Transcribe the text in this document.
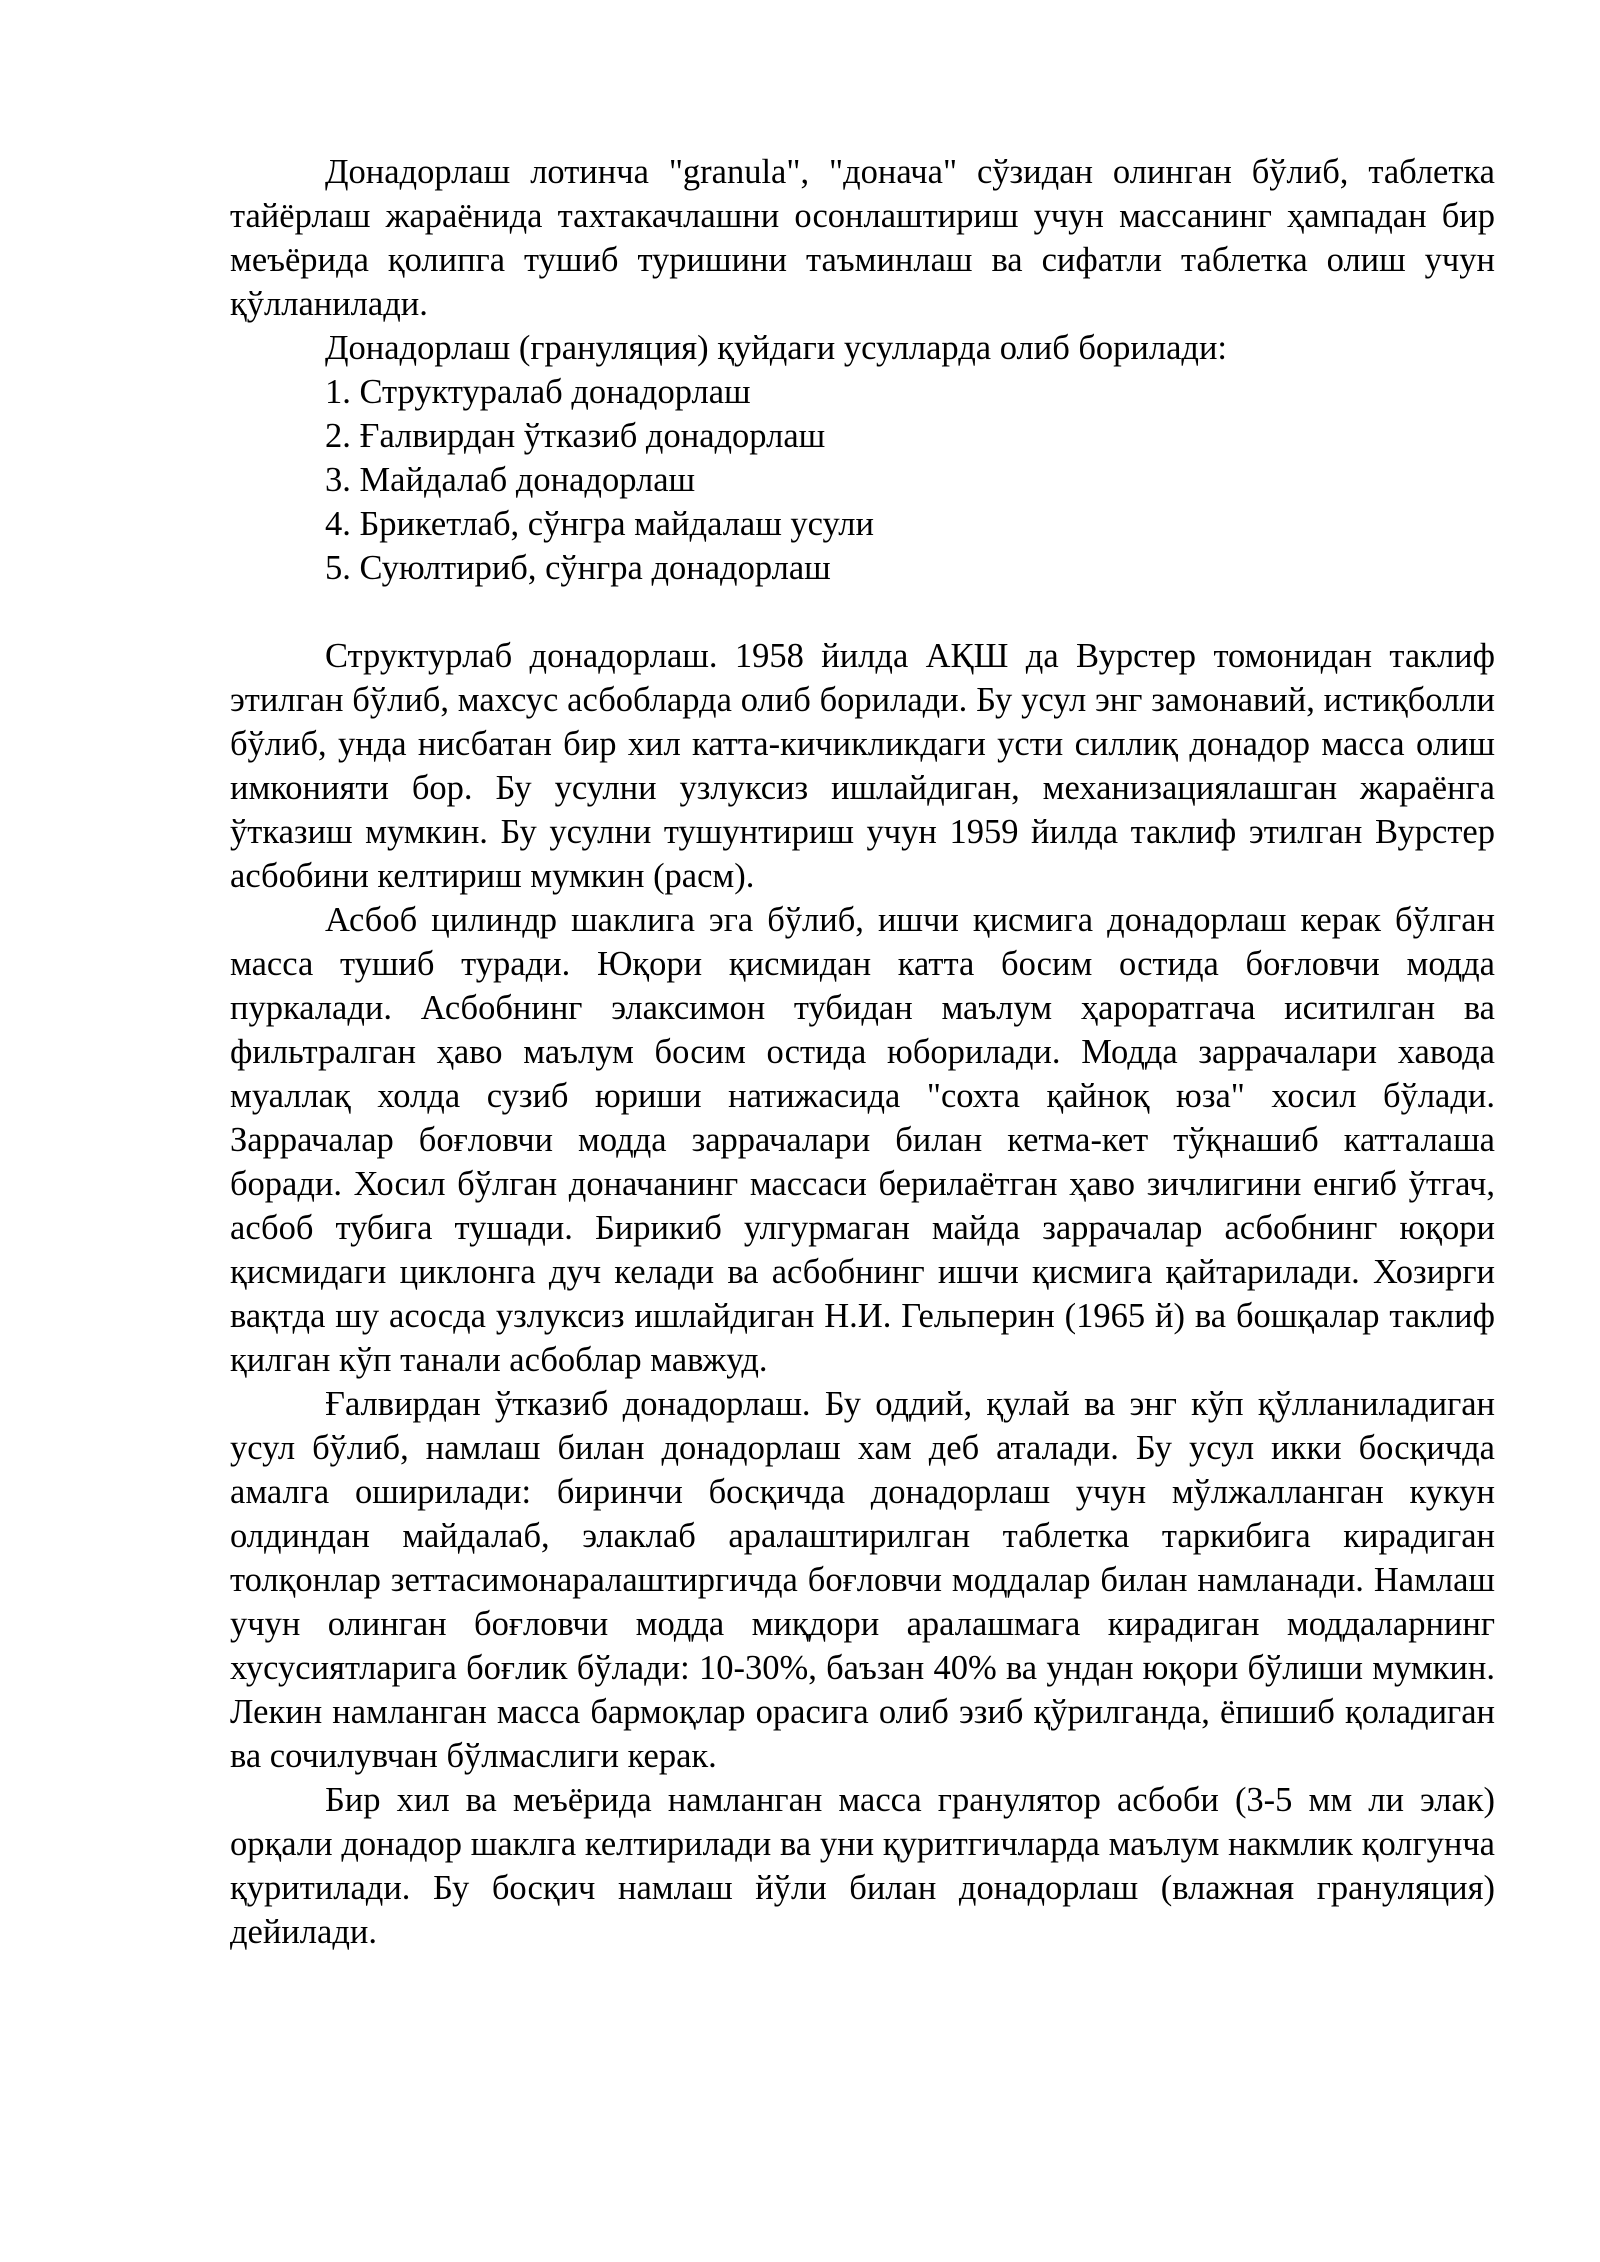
Донадорлаш лотинча "granula", "донача" сўзидан олинган бўлиб, таблетка тайёрлаш жараёнида тахтакачлашни осонлаштириш учун массанинг ҳампадан бир меъёрида қолипга тушиб туришини таъминлаш ва сифатли таблетка олиш учун қўлланилади.

Донадорлаш (грануляция) қуйдаги усулларда олиб борилади:

1. Структуралаб донадорлаш
2. Ғалвирдан ўтказиб донадорлаш
3. Майдалаб донадорлаш
4. Брикетлаб, сўнгра майдалаш усули
5. Суюлтириб, сўнгра донадорлаш

Структурлаб донадорлаш. 1958 йилда АҚШ да Вурстер томонидан таклиф этилган бўлиб, махсус асбобларда олиб борилади. Бу усул энг замонавий, истиқболли бўлиб, унда нисбатан бир хил катта-кичикликдаги усти силлиқ донадор масса олиш имконияти бор. Бу усулни узлуксиз ишлайдиган, механизациялашган жараёнга ўтказиш мумкин. Бу усулни тушунтириш учун 1959 йилда таклиф этилган Вурстер асбобини келтириш мумкин (расм).

Асбоб цилиндр шаклига эга бўлиб, ишчи қисмига донадорлаш керак бўлган масса тушиб туради. Юқори қисмидан катта босим остида боғловчи модда пуркалади. Асбобнинг элаксимон тубидан маълум ҳароратгача иситилган ва фильтралган ҳаво маълум босим остида юборилади. Модда заррачалари хавода муаллақ холда сузиб юриши натижасида "сохта қайноқ юза" хосил бўлади. Заррачалар боғловчи модда заррачалари билан кетма-кет тўқнашиб катталаша боради. Хосил бўлган доначанинг массаси берилаётган ҳаво зичлигини енгиб ўтгач, асбоб тубига тушади. Бирикиб улгурмаган майда заррачалар асбобнинг юқори қисмидаги циклонга дуч келади ва асбобнинг ишчи қисмига қайтарилади. Хозирги вақтда шу асосда узлуксиз ишлайдиган Н.И. Гельперин (1965 й) ва бошқалар таклиф қилган кўп танали асбоблар мавжуд.

Ғалвирдан ўтказиб донадорлаш. Бу оддий, қулай ва энг кўп қўлланиладиган усул бўлиб, намлаш билан донадорлаш хам деб аталади. Бу усул икки босқичда амалга оширилади: биринчи босқичда донадорлаш учун мўлжалланган кукун олдиндан майдалаб, элаклаб аралаштирилган таблетка таркибига кирадиган толқонлар зеттасимонаралаштиргичда боғловчи моддалар билан намланади. Намлаш учун олинган боғловчи модда миқдори аралашмага кирадиган моддаларнинг хусусиятларига боғлик бўлади: 10-30%, баъзан 40% ва ундан юқори бўлиши мумкин. Лекин намланган масса бармоқлар орасига олиб эзиб қўрилганда, ёпишиб қоладиган ва сочилувчан бўлмаслиги керак.

Бир хил ва меъёрида намланган масса гранулятор асбоби (3-5 мм ли элак) орқали донадор шаклга келтирилади ва уни қуритгичларда маълум накмлик қолгунча қуритилади. Бу босқич намлаш йўли билан донадорлаш (влажная грануляция) дейилади.
